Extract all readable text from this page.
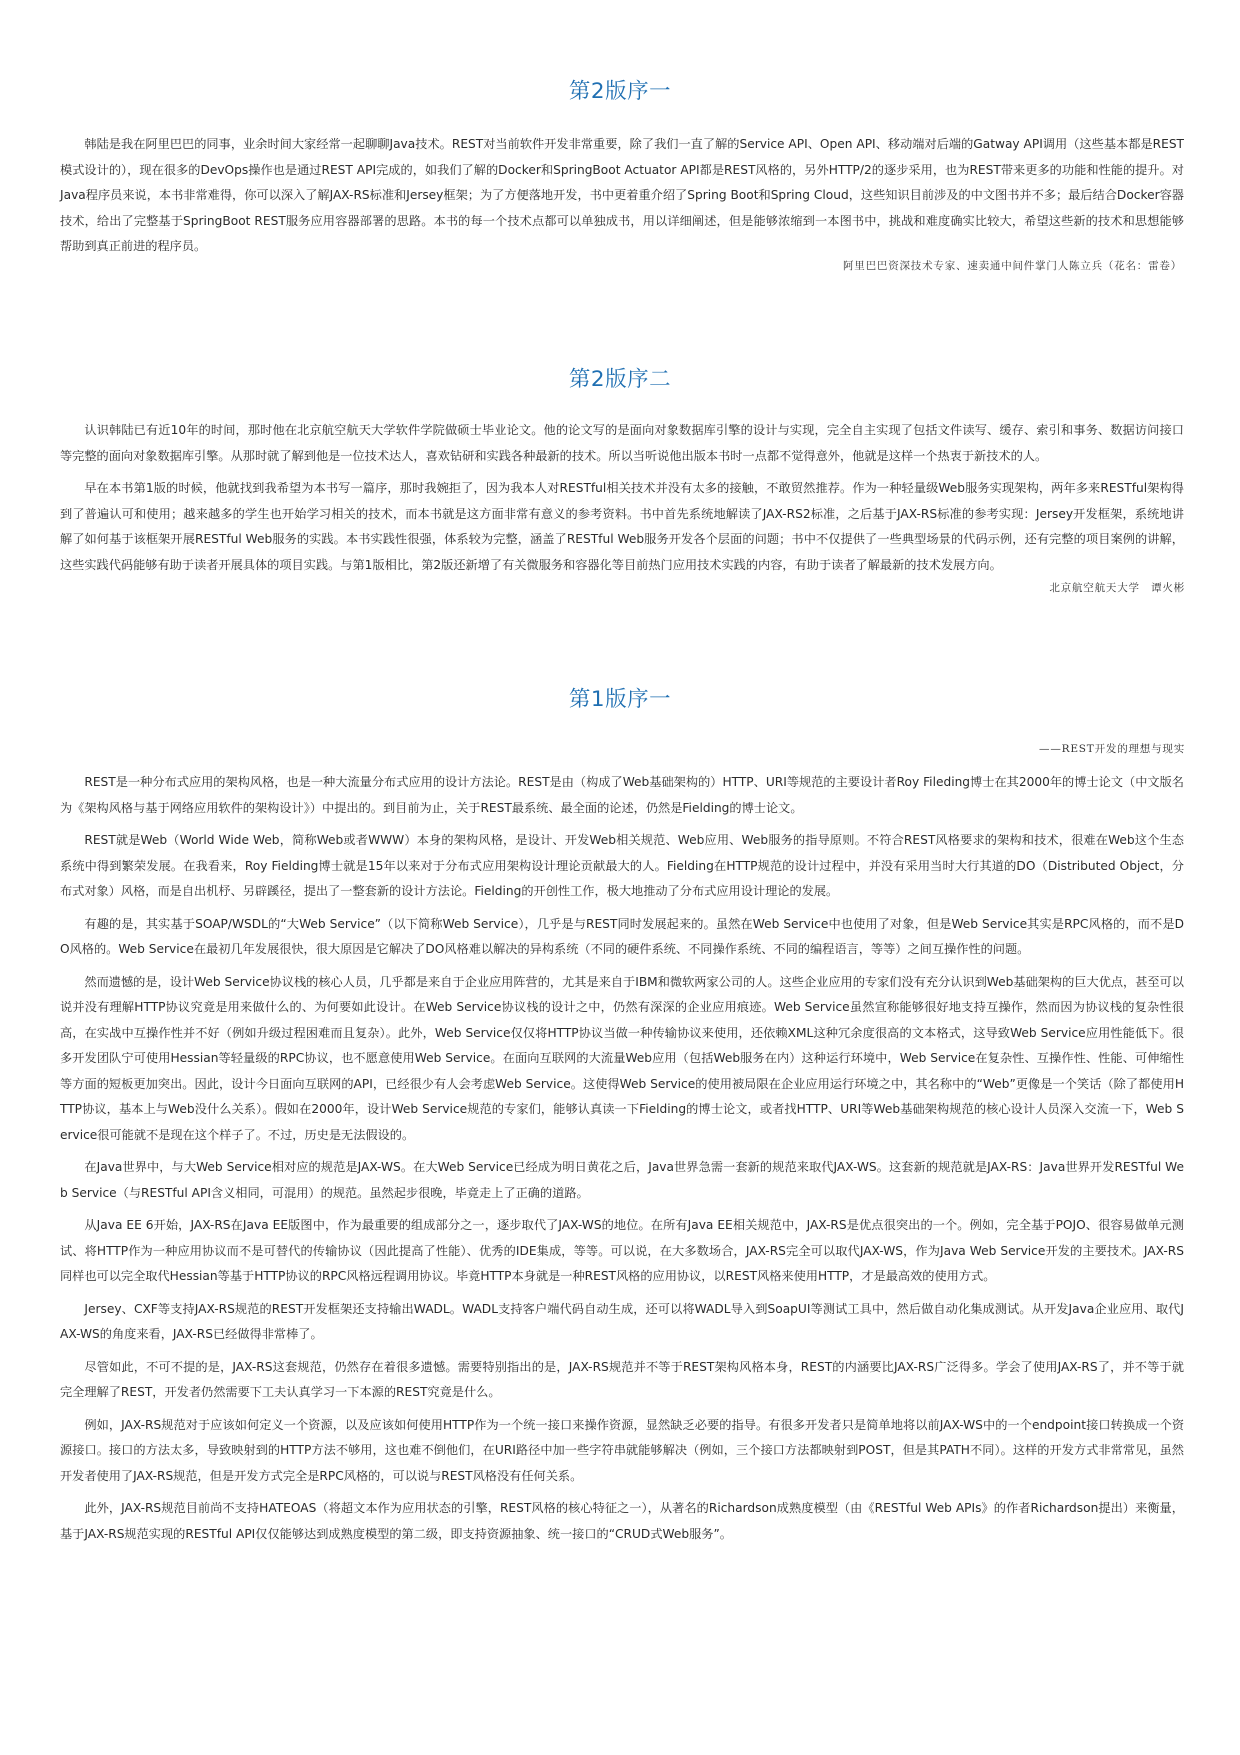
第2版序一

韩陆是我在阿里巴巴的同事，业余时间大家经常一起聊聊Java技术。REST对当前软件开发非常重要，除了我们一直了解的Service API、Open API、移动端对后端的Gatway API调用（这些基本都是REST模式设计的），现在很多的DevOps操作也是通过REST API完成的，如我们了解的Docker和SpringBoot Actuator API都是REST风格的，另外HTTP/2的逐步采用，也为REST带来更多的功能和性能的提升。对Java程序员来说，本书非常难得，你可以深入了解JAX-RS标准和Jersey框架；为了方便落地开发，书中更着重介绍了Spring Boot和Spring Cloud，这些知识目前涉及的中文图书并不多；最后结合Docker容器技术，给出了完整基于SpringBoot REST服务应用容器部署的思路。本书的每一个技术点都可以单独成书，用以详细阐述，但是能够浓缩到一本图书中，挑战和难度确实比较大，希望这些新的技术和思想能够帮助到真正前进的程序员。

阿里巴巴资深技术专家、速卖通中间件掌门人陈立兵（花名：雷卷）
第2版序二

认识韩陆已有近10年的时间，那时他在北京航空航天大学软件学院做硕士毕业论文。他的论文写的是面向对象数据库引擎的设计与实现，完全自主实现了包括文件读写、缓存、索引和事务、数据访问接口等完整的面向对象数据库引擎。从那时就了解到他是一位技术达人，喜欢钻研和实践各种最新的技术。所以当听说他出版本书时一点都不觉得意外，他就是这样一个热衷于新技术的人。

早在本书第1版的时候，他就找到我希望为本书写一篇序，那时我婉拒了，因为我本人对RESTful相关技术并没有太多的接触，不敢贸然推荐。作为一种轻量级Web服务实现架构，两年多来RESTful架构得到了普遍认可和使用；越来越多的学生也开始学习相关的技术，而本书就是这方面非常有意义的参考资料。书中首先系统地解读了JAX-RS2标准，之后基于JAX-RS标准的参考实现：Jersey开发框架，系统地讲解了如何基于该框架开展RESTful Web服务的实践。本书实践性很强，体系较为完整，涵盖了RESTful Web服务开发各个层面的问题；书中不仅提供了一些典型场景的代码示例，还有完整的项目案例的讲解，这些实践代码能够有助于读者开展具体的项目实践。与第1版相比，第2版还新增了有关微服务和容器化等目前热门应用技术实践的内容，有助于读者了解最新的技术发展方向。

北京航空航天大学　谭火彬
第1版序一
——REST开发的理想与现实

REST是一种分布式应用的架构风格，也是一种大流量分布式应用的设计方法论。REST是由（构成了Web基础架构的）HTTP、URI等规范的主要设计者Roy Fileding博士在其2000年的博士论文（中文版名为《架构风格与基于网络应用软件的架构设计》）中提出的。到目前为止，关于REST最系统、最全面的论述，仍然是Fielding的博士论文。

REST就是Web（World Wide Web，简称Web或者WWW）本身的架构风格，是设计、开发Web相关规范、Web应用、Web服务的指导原则。不符合REST风格要求的架构和技术，很难在Web这个生态系统中得到繁荣发展。在我看来，Roy Fielding博士就是15年以来对于分布式应用架构设计理论贡献最大的人。Fielding在HTTP规范的设计过程中，并没有采用当时大行其道的DO（Distributed Object，分布式对象）风格，而是自出机杼、另辟蹊径，提出了一整套新的设计方法论。Fielding的开创性工作，极大地推动了分布式应用设计理论的发展。

有趣的是，其实基于SOAP/WSDL的“大Web Service”（以下简称Web Service），几乎是与REST同时发展起来的。虽然在Web Service中也使用了对象，但是Web Service其实是RPC风格的，而不是DO风格的。Web Service在最初几年发展很快，很大原因是它解决了DO风格难以解决的异构系统（不同的硬件系统、不同操作系统、不同的编程语言，等等）之间互操作性的问题。

然而遗憾的是，设计Web Service协议栈的核心人员，几乎都是来自于企业应用阵营的，尤其是来自于IBM和微软两家公司的人。这些企业应用的专家们没有充分认识到Web基础架构的巨大优点，甚至可以说并没有理解HTTP协议究竟是用来做什么的、为何要如此设计。在Web Service协议栈的设计之中，仍然有深深的企业应用痕迹。Web Service虽然宣称能够很好地支持互操作，然而因为协议栈的复杂性很高，在实战中互操作性并不好（例如升级过程困难而且复杂）。此外，Web Service仅仅将HTTP协议当做一种传输协议来使用，还依赖XML这种冗余度很高的文本格式，这导致Web Service应用性能低下。很多开发团队宁可使用Hessian等轻量级的RPC协议，也不愿意使用Web Service。在面向互联网的大流量Web应用（包括Web服务在内）这种运行环境中，Web Service在复杂性、互操作性、性能、可伸缩性等方面的短板更加突出。因此，设计今日面向互联网的API，已经很少有人会考虑Web Service。这使得Web Service的使用被局限在企业应用运行环境之中，其名称中的“Web”更像是一个笑话（除了都使用HTTP协议，基本上与Web没什么关系）。假如在2000年，设计Web Service规范的专家们，能够认真读一下Fielding的博士论文，或者找HTTP、URI等Web基础架构规范的核心设计人员深入交流一下，Web Service很可能就不是现在这个样子了。不过，历史是无法假设的。

在Java世界中，与大Web Service相对应的规范是JAX-WS。在大Web Service已经成为明日黄花之后，Java世界急需一套新的规范来取代JAX-WS。这套新的规范就是JAX-RS：Java世界开发RESTful Web Service（与RESTful API含义相同，可混用）的规范。虽然起步很晚，毕竟走上了正确的道路。

从Java EE 6开始，JAX-RS在Java EE版图中，作为最重要的组成部分之一，逐步取代了JAX-WS的地位。在所有Java EE相关规范中，JAX-RS是优点很突出的一个。例如，完全基于POJO、很容易做单元测试、将HTTP作为一种应用协议而不是可替代的传输协议（因此提高了性能）、优秀的IDE集成，等等。可以说，在大多数场合，JAX-RS完全可以取代JAX-WS，作为Java Web Service开发的主要技术。JAX-RS同样也可以完全取代Hessian等基于HTTP协议的RPC风格远程调用协议。毕竟HTTP本身就是一种REST风格的应用协议，以REST风格来使用HTTP，才是最高效的使用方式。

Jersey、CXF等支持JAX-RS规范的REST开发框架还支持输出WADL。WADL支持客户端代码自动生成，还可以将WADL导入到SoapUI等测试工具中，然后做自动化集成测试。从开发Java企业应用、取代JAX-WS的角度来看，JAX-RS已经做得非常棒了。

尽管如此，不可不提的是，JAX-RS这套规范，仍然存在着很多遗憾。需要特别指出的是，JAX-RS规范并不等于REST架构风格本身，REST的内涵要比JAX-RS广泛得多。学会了使用JAX-RS了，并不等于就完全理解了REST，开发者仍然需要下工夫认真学习一下本源的REST究竟是什么。

例如，JAX-RS规范对于应该如何定义一个资源，以及应该如何使用HTTP作为一个统一接口来操作资源，显然缺乏必要的指导。有很多开发者只是简单地将以前JAX-WS中的一个endpoint接口转换成一个资源接口。接口的方法太多，导致映射到的HTTP方法不够用，这也难不倒他们，在URI路径中加一些字符串就能够解决（例如，三个接口方法都映射到POST，但是其PATH不同）。这样的开发方式非常常见，虽然开发者使用了JAX-RS规范，但是开发方式完全是RPC风格的，可以说与REST风格没有任何关系。

此外，JAX-RS规范目前尚不支持HATEOAS（将超文本作为应用状态的引擎，REST风格的核心特征之一），从著名的Richardson成熟度模型（由《RESTful Web APIs》的作者Richardson提出）来衡量，基于JAX-RS规范实现的RESTful API仅仅能够达到成熟度模型的第二级，即支持资源抽象、统一接口的“CRUD式Web服务”。
